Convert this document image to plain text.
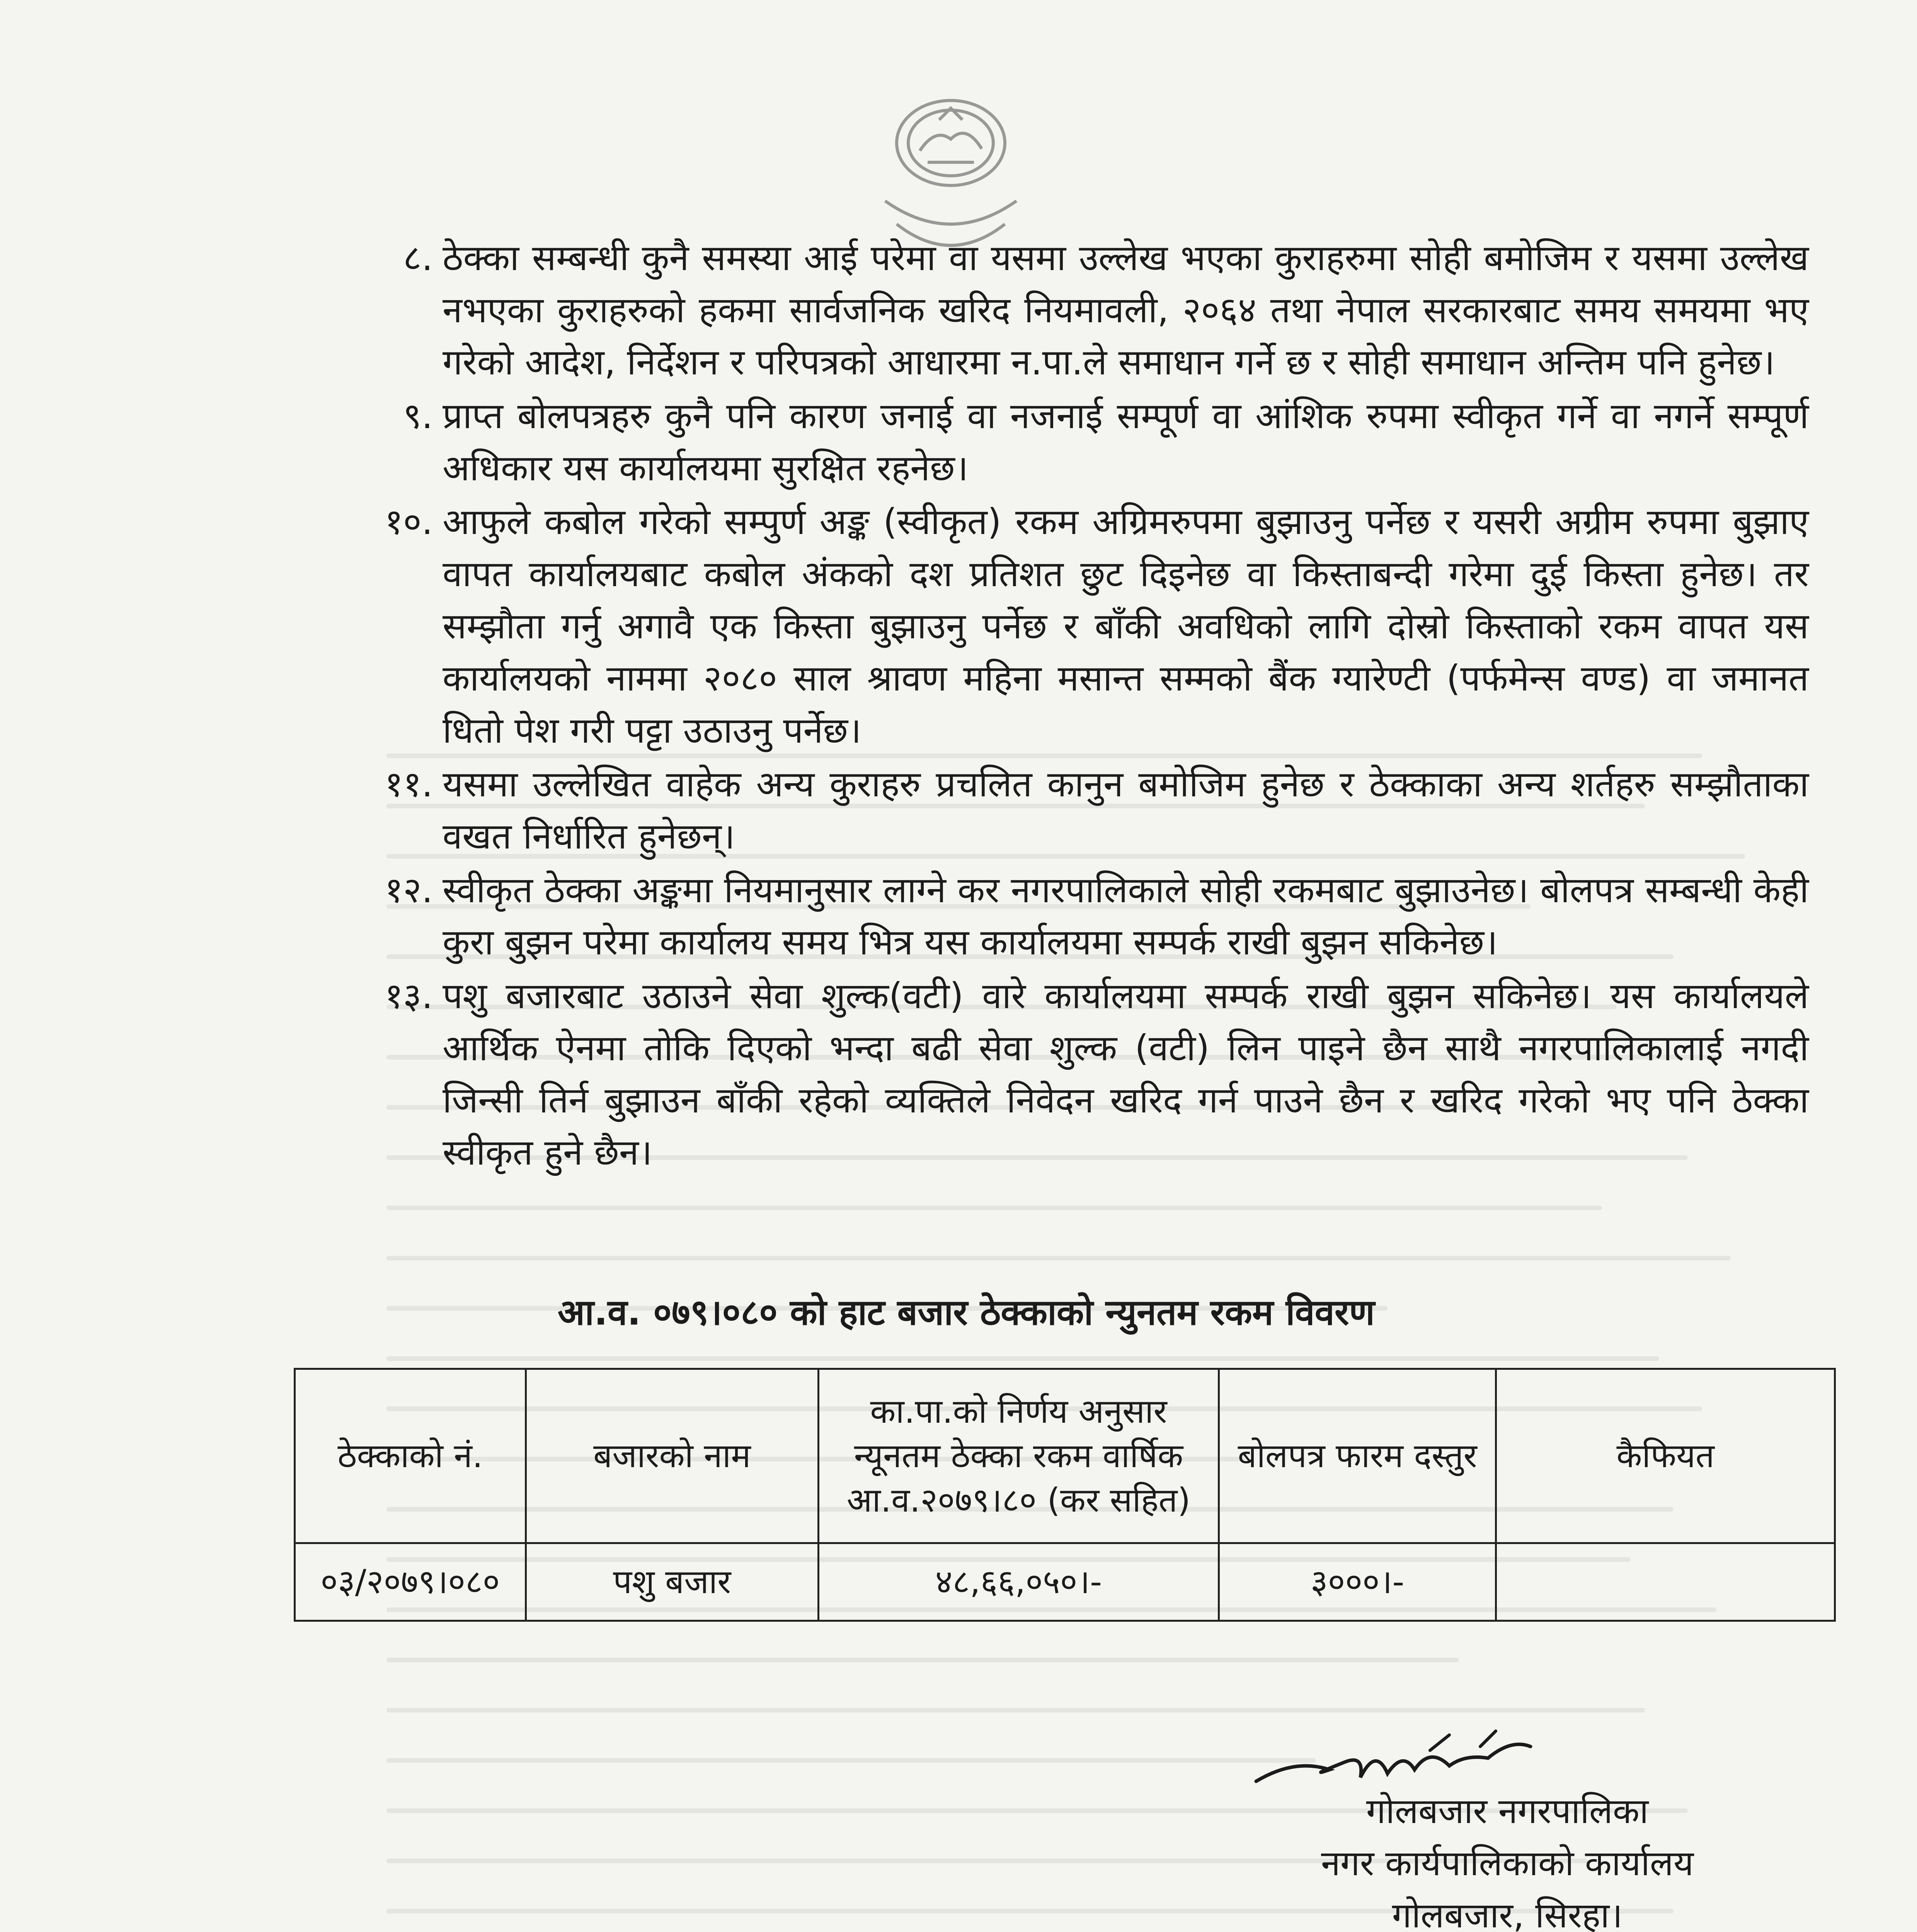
८. ठेक्का सम्बन्धी कुनै समस्या आई परेमा वा यसमा उल्लेख भएका कुराहरुमा सोही बमोजिम र यसमा उल्लेख नभएका कुराहरुको हकमा सार्वजनिक खरिद नियमावली, २०६४ तथा नेपाल सरकारबाट समय समयमा भए गरेको आदेश, निर्देशन र परिपत्रको आधारमा न.पा.ले समाधान गर्ने छ र सोही समाधान अन्तिम पनि हुनेछ।
९. प्राप्त बोलपत्रहरु कुनै पनि कारण जनाई वा नजनाई सम्पूर्ण वा आंशिक रुपमा स्वीकृत गर्ने वा नगर्ने सम्पूर्ण अधिकार यस कार्यालयमा सुरक्षित रहनेछ।
१०. आफुले कबोल गरेको सम्पुर्ण अङ्क (स्वीकृत) रकम अग्रिमरुपमा बुझाउनु पर्नेछ र यसरी अग्रीम रुपमा बुझाए वापत कार्यालयबाट कबोल अंकको दश प्रतिशत छुट दिइनेछ वा किस्ताबन्दी गरेमा दुई किस्ता हुनेछ। तर सम्झौता गर्नु अगावै एक किस्ता बुझाउनु पर्नेछ र बाँकी अवधिको लागि दोस्रो किस्ताको रकम वापत यस कार्यालयको नाममा २०८० साल श्रावण महिना मसान्त सम्मको बैंक ग्यारेण्टी (पर्फमेन्स वण्ड) वा जमानत धितो पेश गरी पट्टा उठाउनु पर्नेछ।
११. यसमा उल्लेखित वाहेक अन्य कुराहरु प्रचलित कानुन बमोजिम हुनेछ र ठेक्काका अन्य शर्तहरु सम्झौताका वखत निर्धारित हुनेछन्।
१२. स्वीकृत ठेक्का अङ्कमा नियमानुसार लाग्ने कर नगरपालिकाले सोही रकमबाट बुझाउनेछ। बोलपत्र सम्बन्धी केही कुरा बुझन परेमा कार्यालय समय भित्र यस कार्यालयमा सम्पर्क राखी बुझन सकिनेछ।
१३. पशु बजारबाट उठाउने सेवा शुल्क(वटी) वारे कार्यालयमा सम्पर्क राखी बुझन सकिनेछ। यस कार्यालयले आर्थिक ऐनमा तोकि दिएको भन्दा बढी सेवा शुल्क (वटी) लिन पाइने छैन साथै नगरपालिकालाई नगदी जिन्सी तिर्न बुझाउन बाँकी रहेको व्यक्तिले निवेदन खरिद गर्न पाउने छैन र खरिद गरेको भए पनि ठेक्का स्वीकृत हुने छैन।
आ.व. ०७९।०८० को हाट बजार ठेक्काको न्युनतम रकम विवरण
ठेक्काको नं.	बजारको नाम	का.पा.को निर्णय अनुसार न्यूनतम ठेक्का रकम वार्षिक आ.व.२०७९।८० (कर सहित)	बोलपत्र फारम दस्तुर	कैफियत
०३/२०७९।०८०	पशु बजार	४८,६६,०५०।-	३०००।-	
गोलबजार नगरपालिका
नगर कार्यपालिकाको कार्यालय
गोलबजार, सिरहा।
